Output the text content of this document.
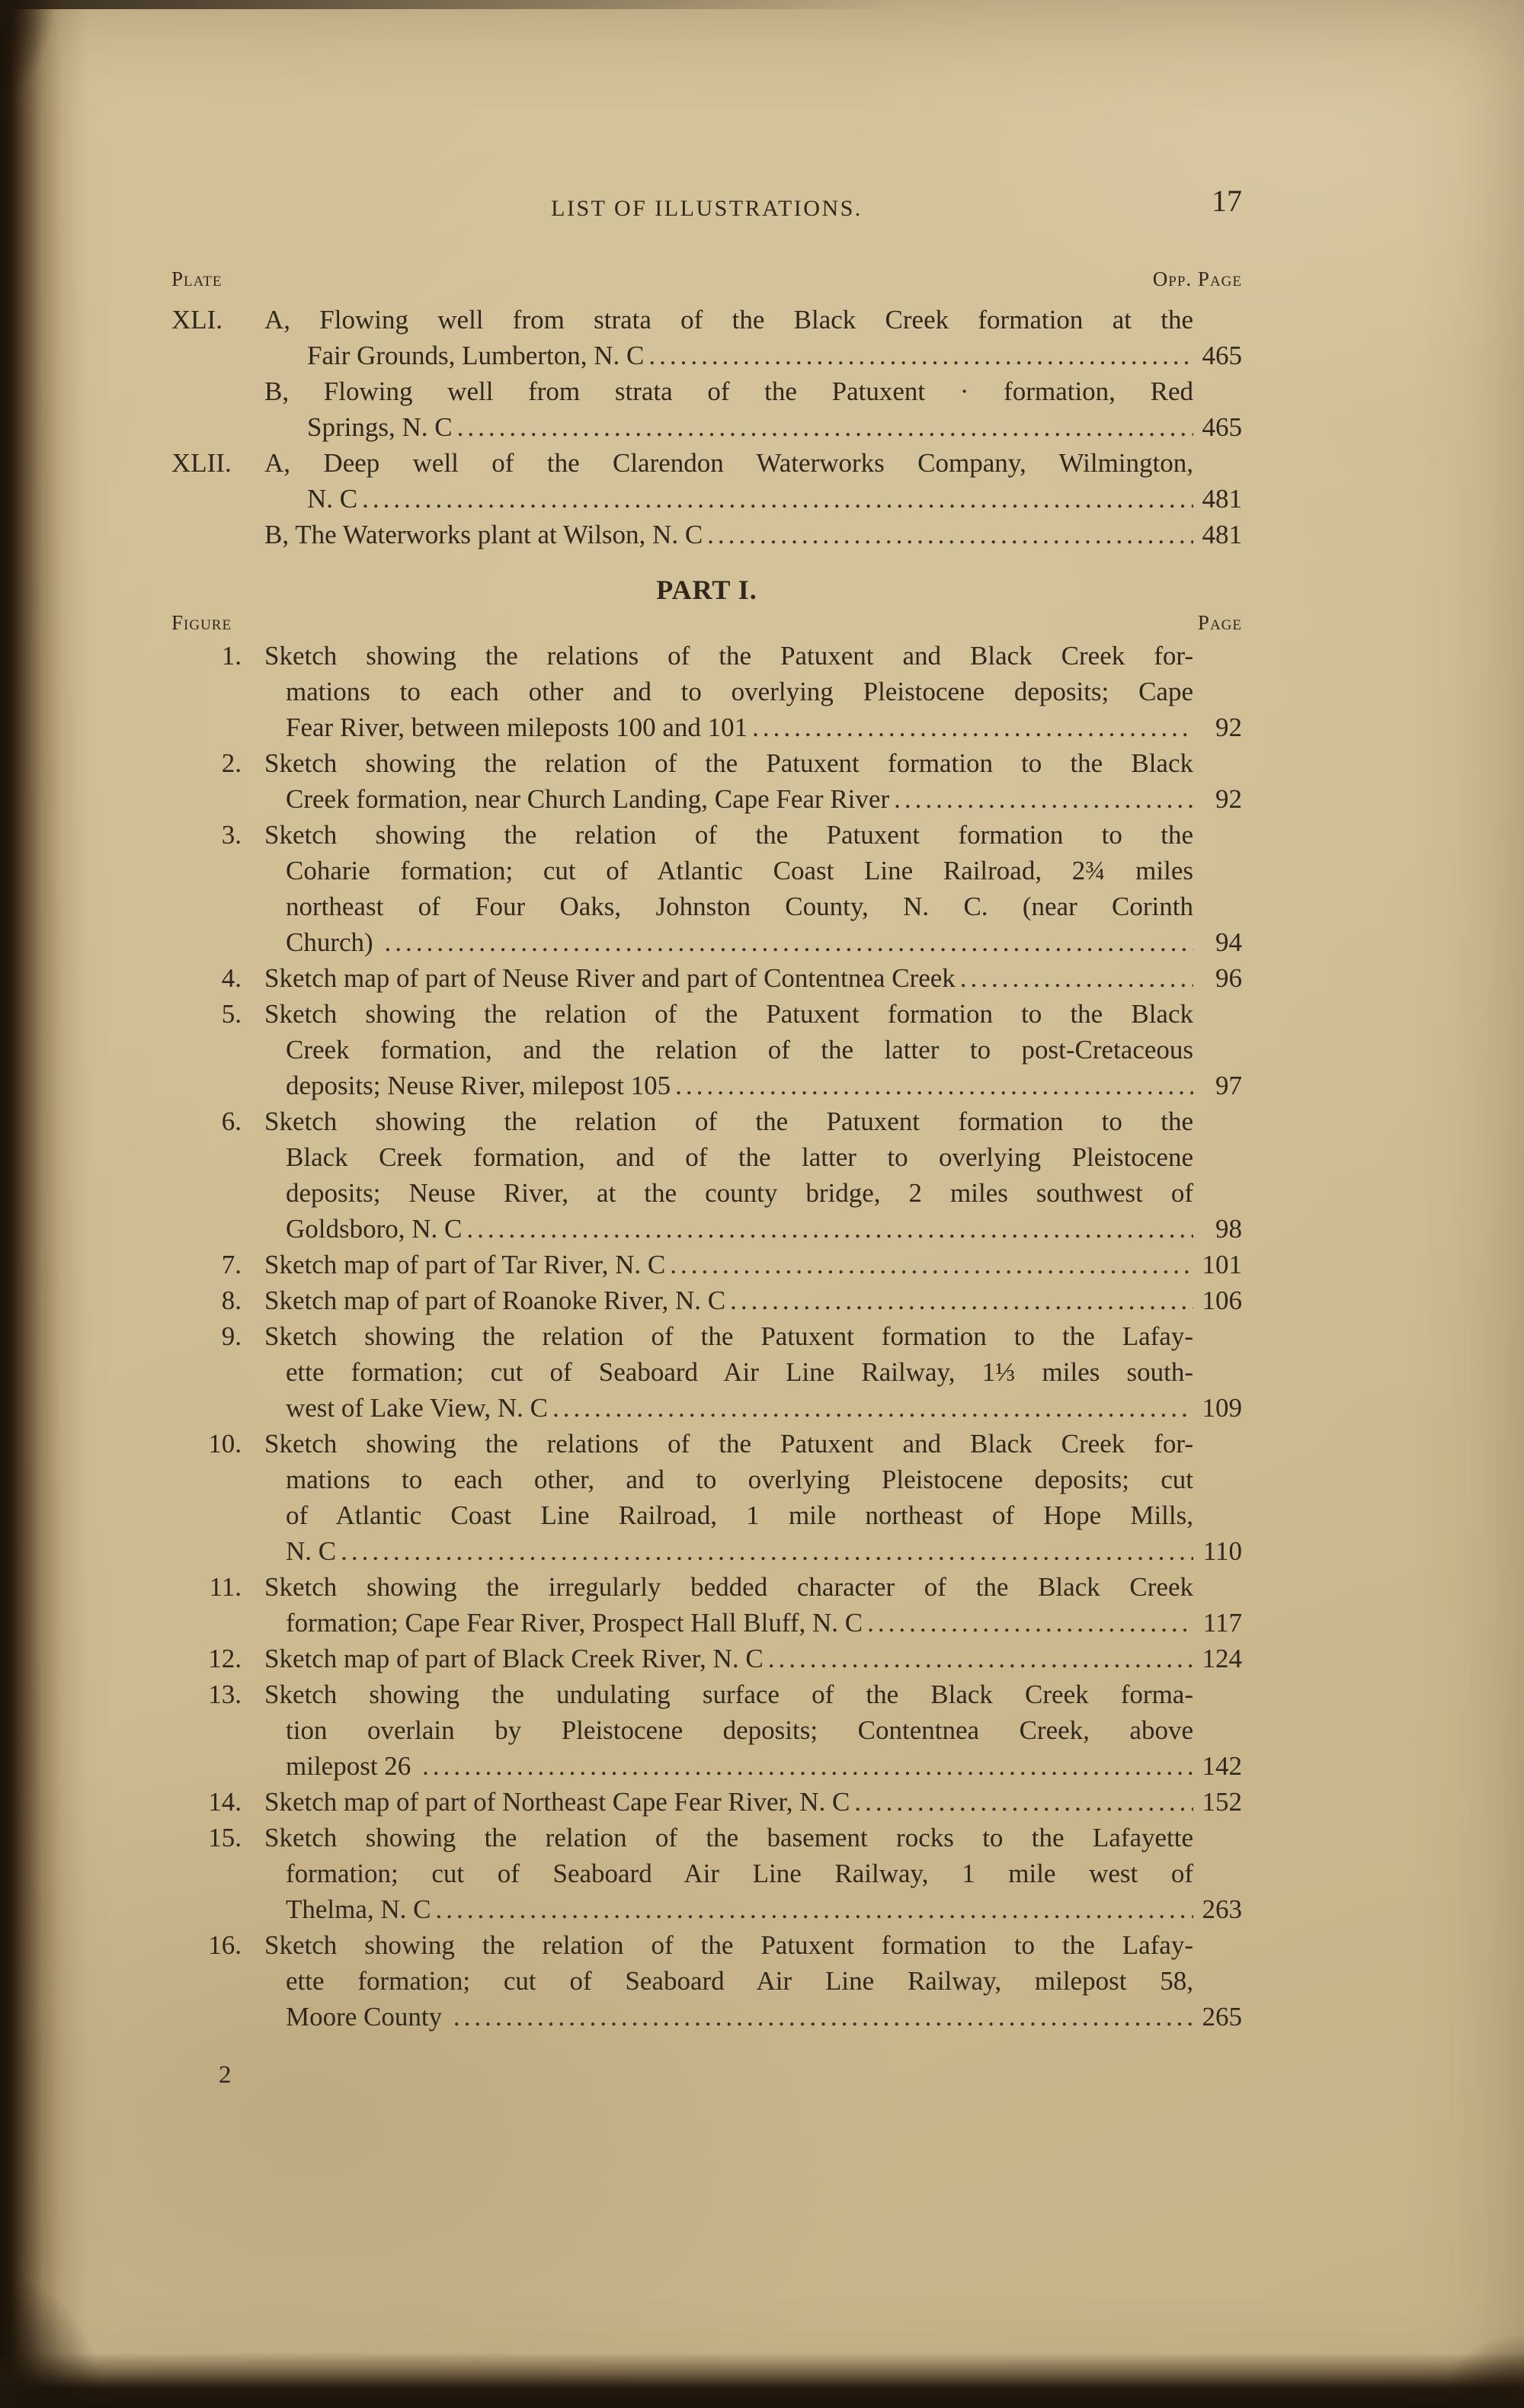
LIST OF ILLUSTRATIONS.	17
Plate	Opp. Page
XLI.	A, Flowing well from strata of the Black Creek formation at the
Fair Grounds, Lumberton, N. C .....	465
B, Flowing well from strata of the Patuxent · formation, Red
Springs, N. C .....	465
XLII.	A, Deep well of the Clarendon Waterworks Company, Wilmington,
N. C .....	481
B, The Waterworks plant at Wilson, N. C .....	481
PART I.
Figure	Page
1. Sketch showing the relations of the Patuxent and Black Creek for-
mations to each other and to overlying Pleistocene deposits; Cape
Fear River, between mileposts 100 and 101 .....	92
2. Sketch showing the relation of the Patuxent formation to the Black
Creek formation, near Church Landing, Cape Fear River .....	92
3. Sketch showing the relation of the Patuxent formation to the
Coharie formation; cut of Atlantic Coast Line Railroad, 2¾ miles
northeast of Four Oaks, Johnston County, N. C. (near Corinth
Church) .....	94
4. Sketch map of part of Neuse River and part of Contentnea Creek .....	96
5. Sketch showing the relation of the Patuxent formation to the Black
Creek formation, and the relation of the latter to post-Cretaceous
deposits; Neuse River, milepost 105 .....	97
6. Sketch showing the relation of the Patuxent formation to the
Black Creek formation, and of the latter to overlying Pleistocene
deposits; Neuse River, at the county bridge, 2 miles southwest of
Goldsboro, N. C .....	98
7. Sketch map of part of Tar River, N. C .....	101
8. Sketch map of part of Roanoke River, N. C .....	106
9. Sketch showing the relation of the Patuxent formation to the Lafay-
ette formation; cut of Seaboard Air Line Railway, 1⅓ miles south-
west of Lake View, N. C .....	109
10. Sketch showing the relations of the Patuxent and Black Creek for-
mations to each other, and to overlying Pleistocene deposits; cut
of Atlantic Coast Line Railroad, 1 mile northeast of Hope Mills,
N. C .....	110
11. Sketch showing the irregularly bedded character of the Black Creek
formation; Cape Fear River, Prospect Hall Bluff, N. C .....	117
12. Sketch map of part of Black Creek River, N. C .....	124
13. Sketch showing the undulating surface of the Black Creek forma-
tion overlain by Pleistocene deposits; Contentnea Creek, above
milepost 26 .....	142
14. Sketch map of part of Northeast Cape Fear River, N. C .....	152
15. Sketch showing the relation of the basement rocks to the Lafayette
formation; cut of Seaboard Air Line Railway, 1 mile west of
Thelma, N. C .....	263
16. Sketch showing the relation of the Patuxent formation to the Lafay-
ette formation; cut of Seaboard Air Line Railway, milepost 58,
Moore County .....	265
2
